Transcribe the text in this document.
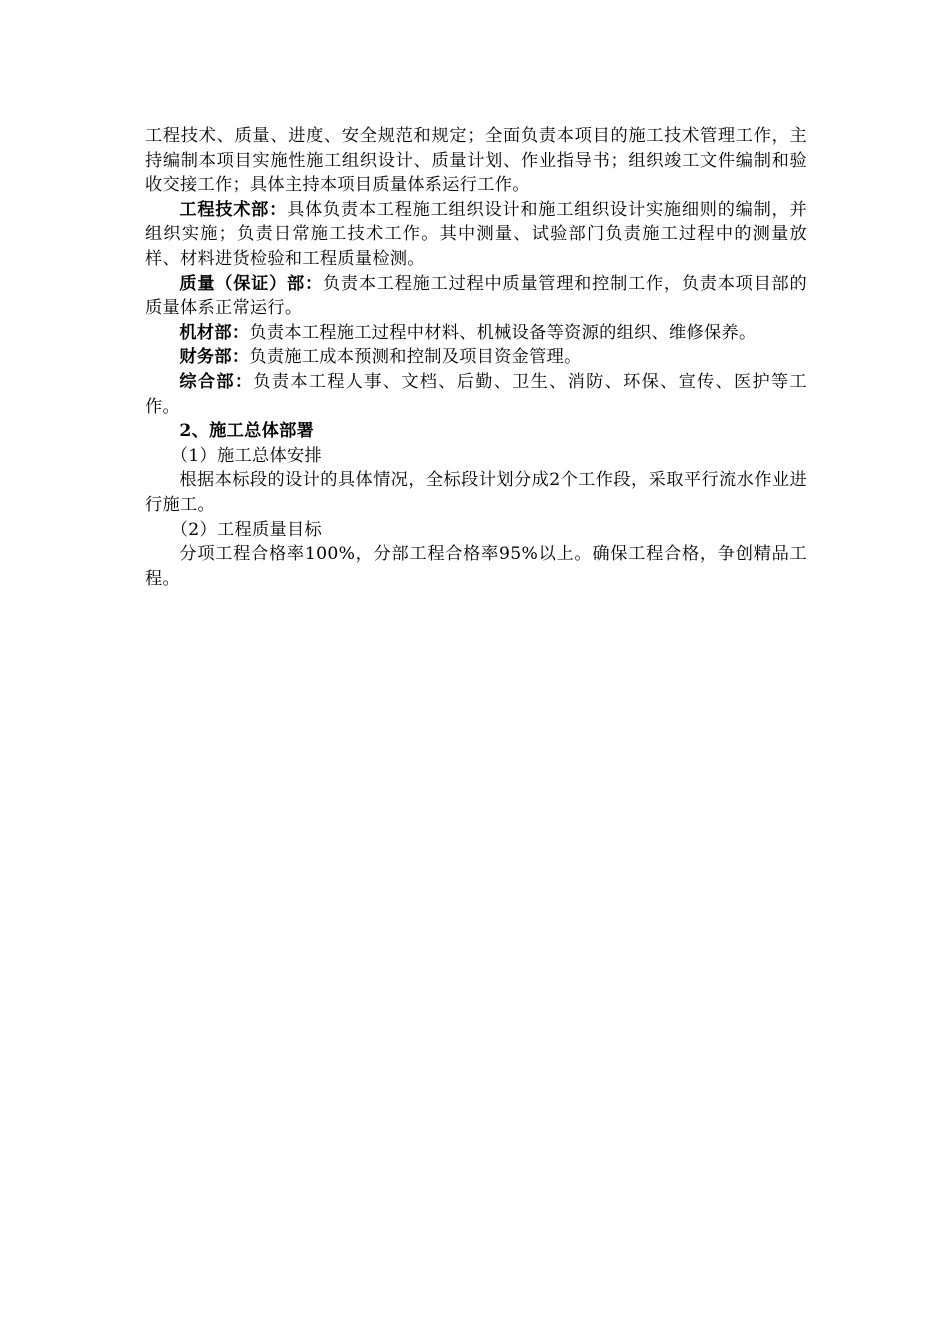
工程技术、质量、进度、安全规范和规定；全面负责本项目的施工技术管理工作，主持编制本项目实施性施工组织设计、质量计划、作业指导书；组织竣工文件编制和验收交接工作；具体主持本项目质量体系运行工作。

工程技术部：具体负责本工程施工组织设计和施工组织设计实施细则的编制，并组织实施；负责日常施工技术工作。其中测量、试验部门负责施工过程中的测量放样、材料进货检验和工程质量检测。

质量（保证）部：负责本工程施工过程中质量管理和控制工作，负责本项目部的质量体系正常运行。

机材部：负责本工程施工过程中材料、机械设备等资源的组织、维修保养。

财务部：负责施工成本预测和控制及项目资金管理。

综合部：负责本工程人事、文档、后勤、卫生、消防、环保、宣传、医护等工作。

2、施工总体部署

（1）施工总体安排

根据本标段的设计的具体情况，全标段计划分成2个工作段，采取平行流水作业进行施工。

（2）工程质量目标

分项工程合格率100%，分部工程合格率95%以上。确保工程合格，争创精品工程。
